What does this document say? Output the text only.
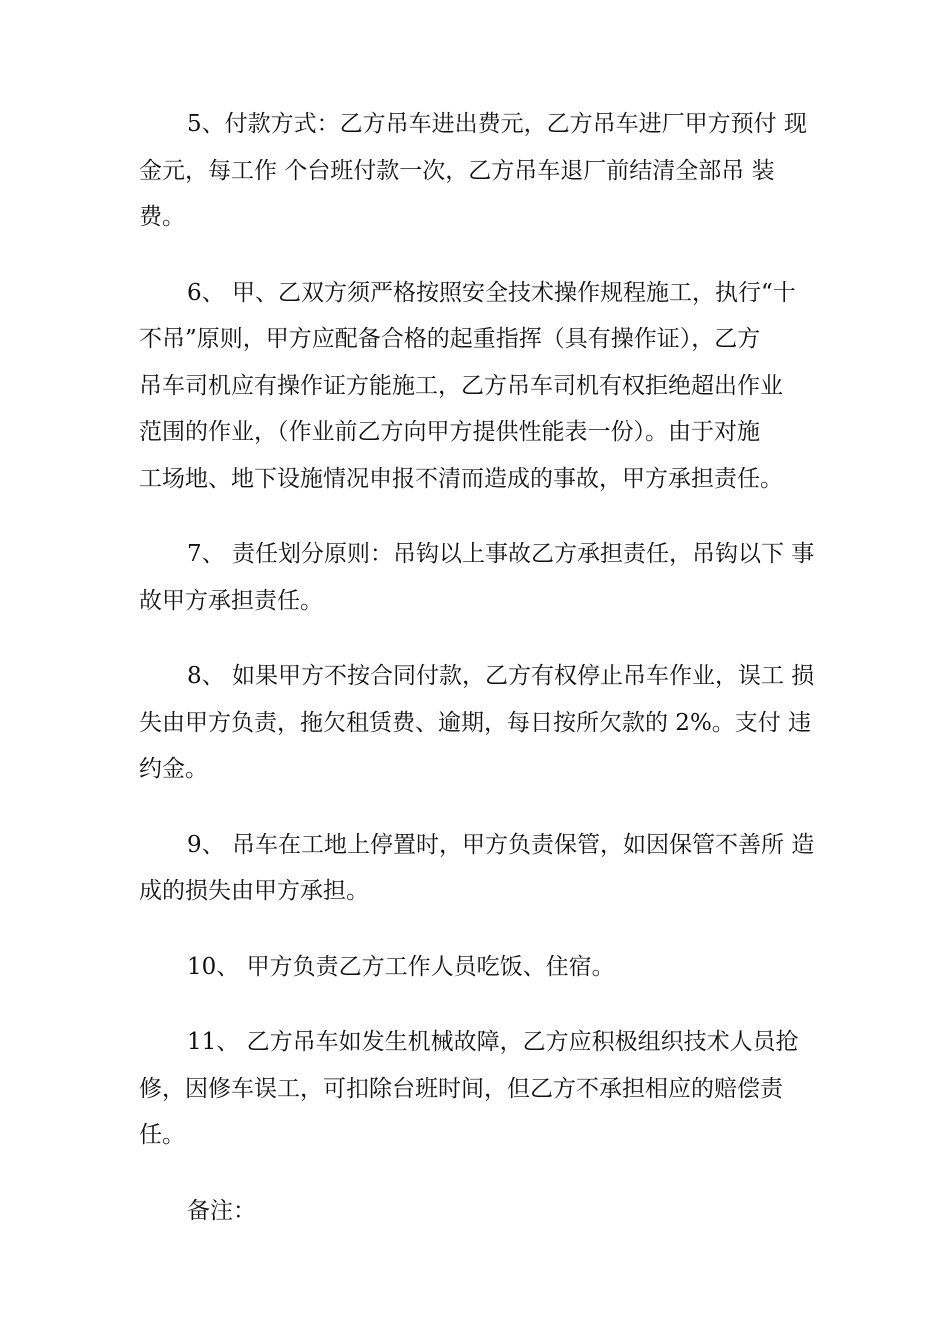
5、付款方式：乙方吊车进出费元，乙方吊车进厂甲方预付 现
金元，每工作 个台班付款一次，乙方吊车退厂前结清全部吊 装
费。

6、 甲、乙双方须严格按照安全技术操作规程施工，执行“十
不吊”原则，甲方应配备合格的起重指挥（具有操作证），乙方
吊车司机应有操作证方能施工，乙方吊车司机有权拒绝超出作业
范围的作业，（作业前乙方向甲方提供性能表一份）。由于对施
工场地、地下设施情况申报不清而造成的事故，甲方承担责任。

7、 责任划分原则：吊钩以上事故乙方承担责任，吊钩以下 事
故甲方承担责任。

8、 如果甲方不按合同付款，乙方有权停止吊车作业，误工 损
失由甲方负责，拖欠租赁费、逾期，每日按所欠款的 2%。支付 违
约金。

9、 吊车在工地上停置时，甲方负责保管，如因保管不善所 造
成的损失由甲方承担。

10、 甲方负责乙方工作人员吃饭、住宿。

11、 乙方吊车如发生机械故障，乙方应积极组织技术人员抢
修，因修车误工，可扣除台班时间，但乙方不承担相应的赔偿责
任。

备注：
